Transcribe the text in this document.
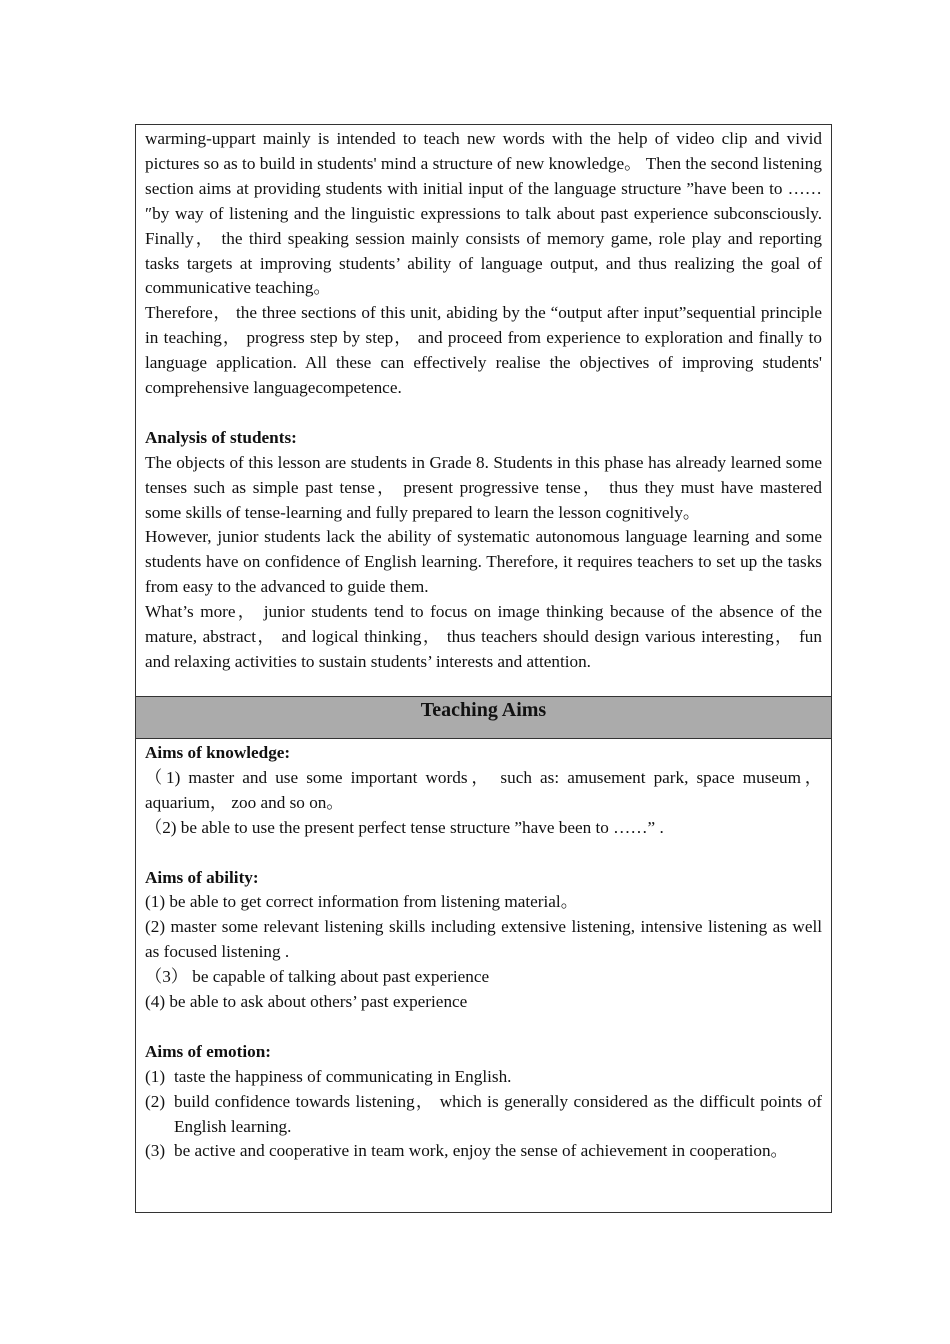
warming-uppart mainly is intended to teach new words with the help of video clip and vivid pictures so as to build in students' mind a structure of new knowledge。 Then the second listening section aims at providing students with initial input of the language structure ”have been to ……″by way of listening and the linguistic expressions to talk about past experience subconsciously. Finally， the third speaking session mainly consists of memory game, role play and reporting tasks targets at improving students’ ability of language output, and thus realizing the goal of communicative teaching。

Therefore， the three sections of this unit, abiding by the “output after input”sequential principle in teaching， progress step by step， and proceed from experience to exploration and finally to language application. All these can effectively realise the objectives of improving students' comprehensive languagecompetence.

Analysis of students:

The objects of this lesson are students in Grade 8. Students in this phase has already learned some tenses such as simple past tense， present progressive tense， thus they must have mastered some skills of tense-learning and fully prepared to learn the lesson cognitively。

However, junior students lack the ability of systematic autonomous language learning and some students have on confidence of English learning. Therefore, it requires teachers to set up the tasks from easy to the advanced to guide them.

What’s more， junior students tend to focus on image thinking because of the absence of the mature, abstract， and logical thinking， thus teachers should design various interesting， fun and relaxing activities to sustain students’ interests and attention.

Teaching Aims

Aims of knowledge:

（1) master and use some important words， such as: amusement park, space museum， aquarium， zoo and so on。

（2) be able to use the present perfect tense structure ”have been to ……” .

Aims of ability:

(1) be able to get correct information from listening material。

(2) master some relevant listening skills including extensive listening, intensive listening as well as focused listening .

（3） be capable of talking about past experience

(4) be able to ask about others’ past experience

Aims of emotion:

(1) taste the happiness of communicating in English.
(2) build confidence towards listening， which is generally considered as the difficult points of English learning.
(3) be active and cooperative in team work, enjoy the sense of achievement in cooperation。
